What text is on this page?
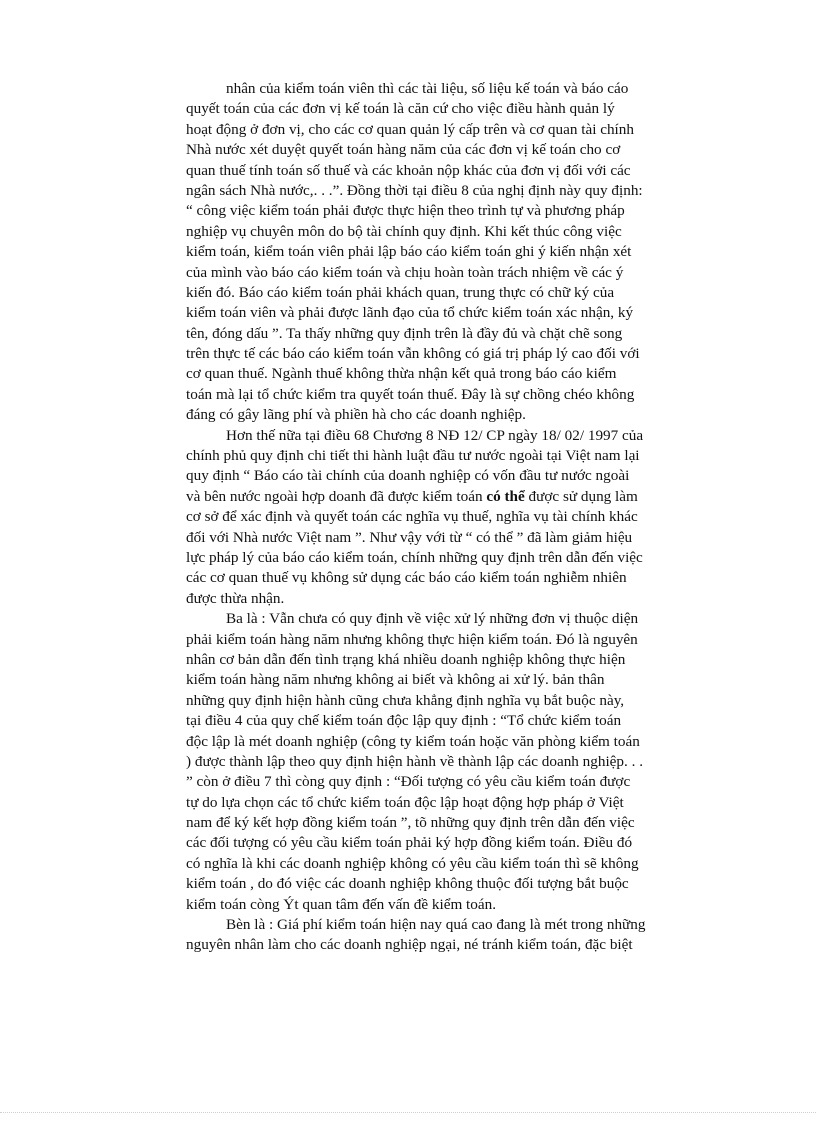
nhân của kiểm toán viên thì các tài liệu, số liệu kế toán và báo cáo
quyết toán của các đơn vị kế toán là căn cứ cho việc điều hành quản lý
hoạt động ở đơn vị, cho các cơ quan quản lý cấp trên và cơ quan tài chính
Nhà nước xét duyệt quyết toán hàng năm của các đơn vị kế toán cho cơ
quan thuế tính toán số thuế và các khoản nộp khác của đơn vị đối với các
ngân sách Nhà nước,. . .”. Đồng thời tại điều 8 của nghị định này quy định:
“ công việc kiểm toán phải được thực hiện theo trình tự và phương pháp
nghiệp vụ chuyên môn do bộ tài chính quy định. Khi kết thúc công việc
kiểm toán, kiểm toán viên phải lập báo cáo kiểm toán ghi ý kiến nhận xét
của mình vào báo cáo kiểm toán và chịu hoàn toàn trách nhiệm về các ý
kiến đó. Báo cáo kiểm toán phải khách quan, trung thực có chữ ký của
kiểm toán viên và phải được lãnh đạo của tổ chức kiểm toán xác nhận, ký
tên, đóng dấu ”. Ta thấy những quy định trên là đầy đủ và chặt chẽ song
trên thực tế các báo cáo kiểm toán vẫn không có giá trị pháp lý cao đối với
cơ quan thuế. Ngành thuế không thừa nhận kết quả trong báo cáo kiểm
toán mà lại tổ chức kiểm tra quyết toán thuế. Đây là sự chồng chéo không
đáng có gây lãng phí và phiền hà cho các doanh nghiệp.
Hơn thế nữa tại điều 68 Chương 8 NĐ 12/ CP ngày 18/ 02/ 1997 của
chính phủ quy định chi tiết thi hành luật đầu tư nước ngoài tại Việt nam lại
quy định “ Báo cáo tài chính của doanh nghiệp có vốn đầu tư nước ngoài
và bên nước ngoài hợp doanh đã được kiểm toán có thể được sử dụng làm
cơ sở để xác định và quyết toán các nghĩa vụ thuế, nghĩa vụ tài chính khác
đối với Nhà nước Việt nam ”. Như vậy với từ “ có thể ” đã làm giảm hiệu
lực pháp lý của báo cáo kiểm toán, chính những quy định trên dẫn đến việc
các cơ quan thuế vụ không sử dụng các báo cáo kiểm toán nghiễm nhiên
được thừa nhận.
Ba là : Vẫn chưa có quy định về việc xử lý những đơn vị thuộc diện
phải kiểm toán hàng năm nhưng không thực hiện kiểm toán. Đó là nguyên
nhân cơ bản dẫn đến tình trạng khá nhiều doanh nghiệp không thực hiện
kiểm toán hàng năm nhưng không ai biết và không ai xử lý. bản thân
những quy định hiện hành cũng chưa khẳng định nghĩa vụ bắt buộc này,
tại điều 4 của quy chế kiểm toán độc lập quy định : “Tổ chức kiểm toán
độc lập là mét doanh nghiệp (công ty kiểm toán hoặc văn phòng kiểm toán
) được thành lập theo quy định hiện hành về thành lập các doanh nghiệp. . .
” còn ở điều 7 thì còng quy định : “Đối tượng có yêu cầu kiểm toán được
tự do lựa chọn các tổ chức kiểm toán độc lập hoạt động hợp pháp ở Việt
nam để ký kết hợp đồng kiểm toán ”, tõ những quy định trên dẫn đến việc
các đối tượng có yêu cầu kiểm toán phải ký hợp đồng kiểm toán. Điều đó
có nghĩa là khi các doanh nghiệp không có yêu cầu kiểm toán thì sẽ không
kiểm toán , do đó việc các doanh nghiệp không thuộc đối tượng bắt buộc
kiểm toán còng Ýt quan tâm đến vấn đề kiểm toán.
Bèn là : Giá phí kiểm toán hiện nay quá cao đang là mét trong những
nguyên nhân làm cho các doanh nghiệp ngại, né tránh kiểm toán, đặc biệt
